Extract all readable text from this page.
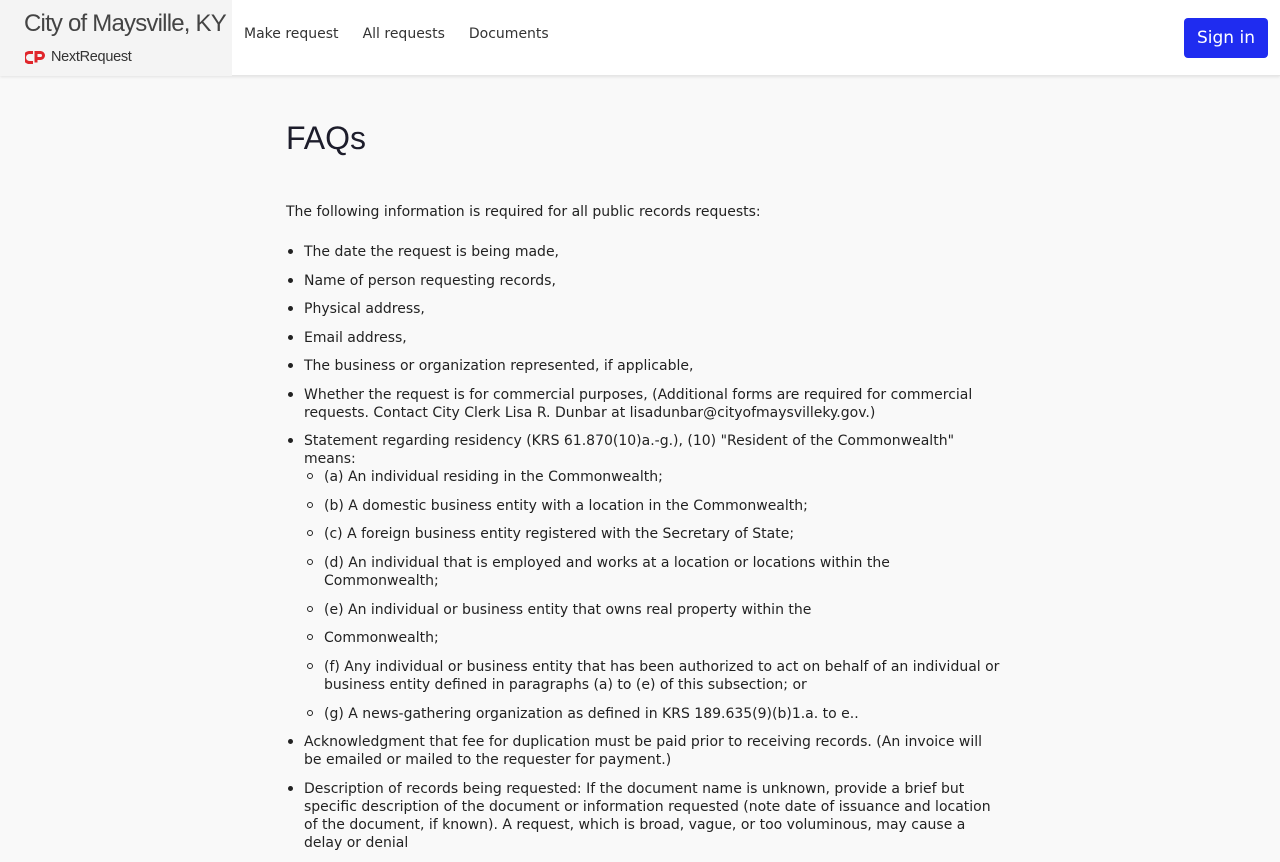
City of Maysville, KY
NextRequest
Make request All requests Documents	Sign in
FAQs

The following information is required for all public records requests:

The date the request is being made,
Name of person requesting records,
Physical address,
Email address,
The business or organization represented, if applicable,
Whether the request is for commercial purposes, (Additional forms are required for commercial requests. Contact City Clerk Lisa R. Dunbar at lisadunbar@cityofmaysvilleky.gov.)
Statement regarding residency (KRS 61.870(10)a.-g.), (10) "Resident of the Commonwealth" means:
(a) An individual residing in the Commonwealth;
(b) A domestic business entity with a location in the Commonwealth;
(c) A foreign business entity registered with the Secretary of State;
(d) An individual that is employed and works at a location or locations within the Commonwealth;
(e) An individual or business entity that owns real property within the
Commonwealth;
(f) Any individual or business entity that has been authorized to act on behalf of an individual or business entity defined in paragraphs (a) to (e) of this subsection; or
(g) A news-gathering organization as defined in KRS 189.635(9)(b)1.a. to e..
Acknowledgment that fee for duplication must be paid prior to receiving records. (An invoice will be emailed or mailed to the requester for payment.)
Description of records being requested: If the document name is unknown, provide a brief but specific description of the document or information requested (note date of issuance and location of the document, if known). A request, which is broad, vague, or too voluminous, may cause a delay or denial
